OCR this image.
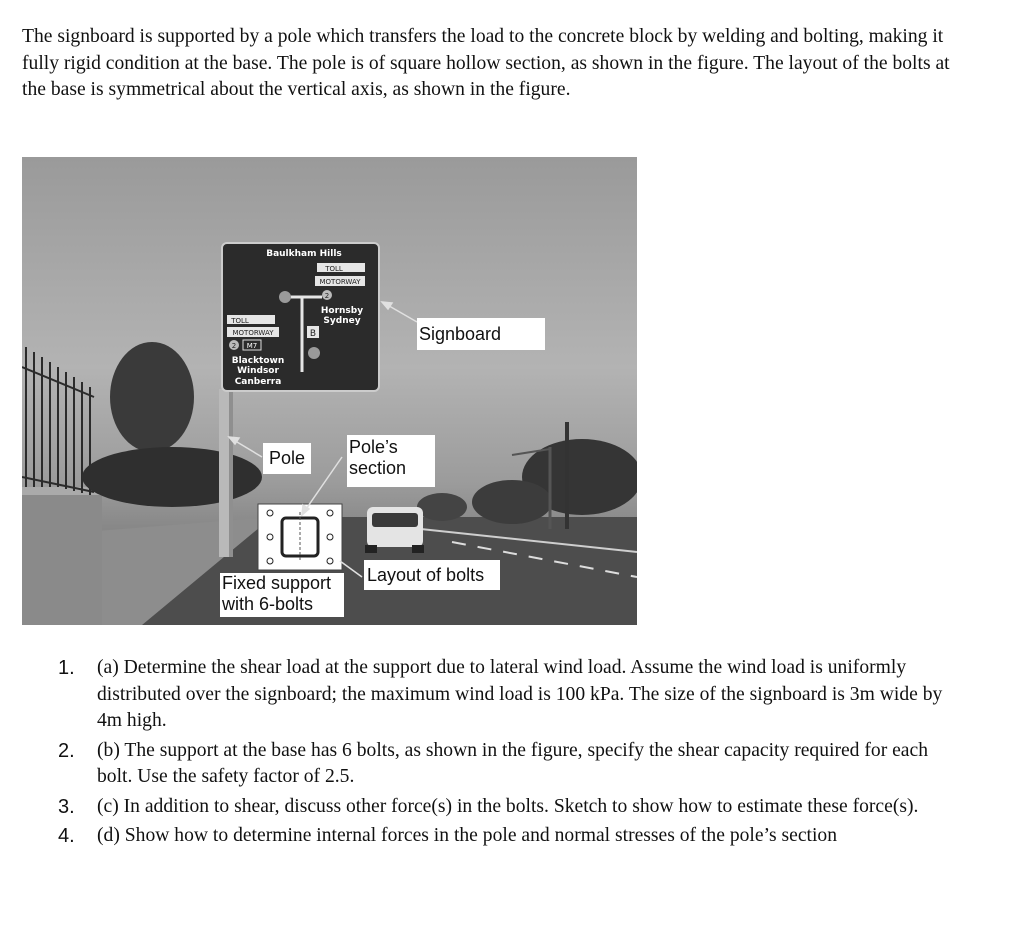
The signboard is supported by a pole which transfers the load to the concrete block by welding and bolting, making it fully rigid condition at the base. The pole is of square hollow section, as shown in the figure. The layout of the bolts at the base is symmetrical about the vertical axis, as shown in the figure.

Baulkham Hills
TOLL
MOTORWAY
2
Hornsby
Sydney
TOLL
MOTORWAY
2 M7
B
Blacktown
Windsor
Canberra
Signboard
Pole
Pole’s
section
Layout of bolts
Fixed support
with 6-bolts
1. (a) Determine the shear load at the support due to lateral wind load. Assume the wind load is uniformly distributed over the signboard; the maximum wind load is 100 kPa. The size of the signboard is 3m wide by 4m high.
2. (b) The support at the base has 6 bolts, as shown in the figure, specify the shear capacity required for each bolt. Use the safety factor of 2.5.
3. (c) In addition to shear, discuss other force(s) in the bolts. Sketch to show how to estimate these force(s).
4. (d) Show how to determine internal forces in the pole and normal stresses of the pole’s section
